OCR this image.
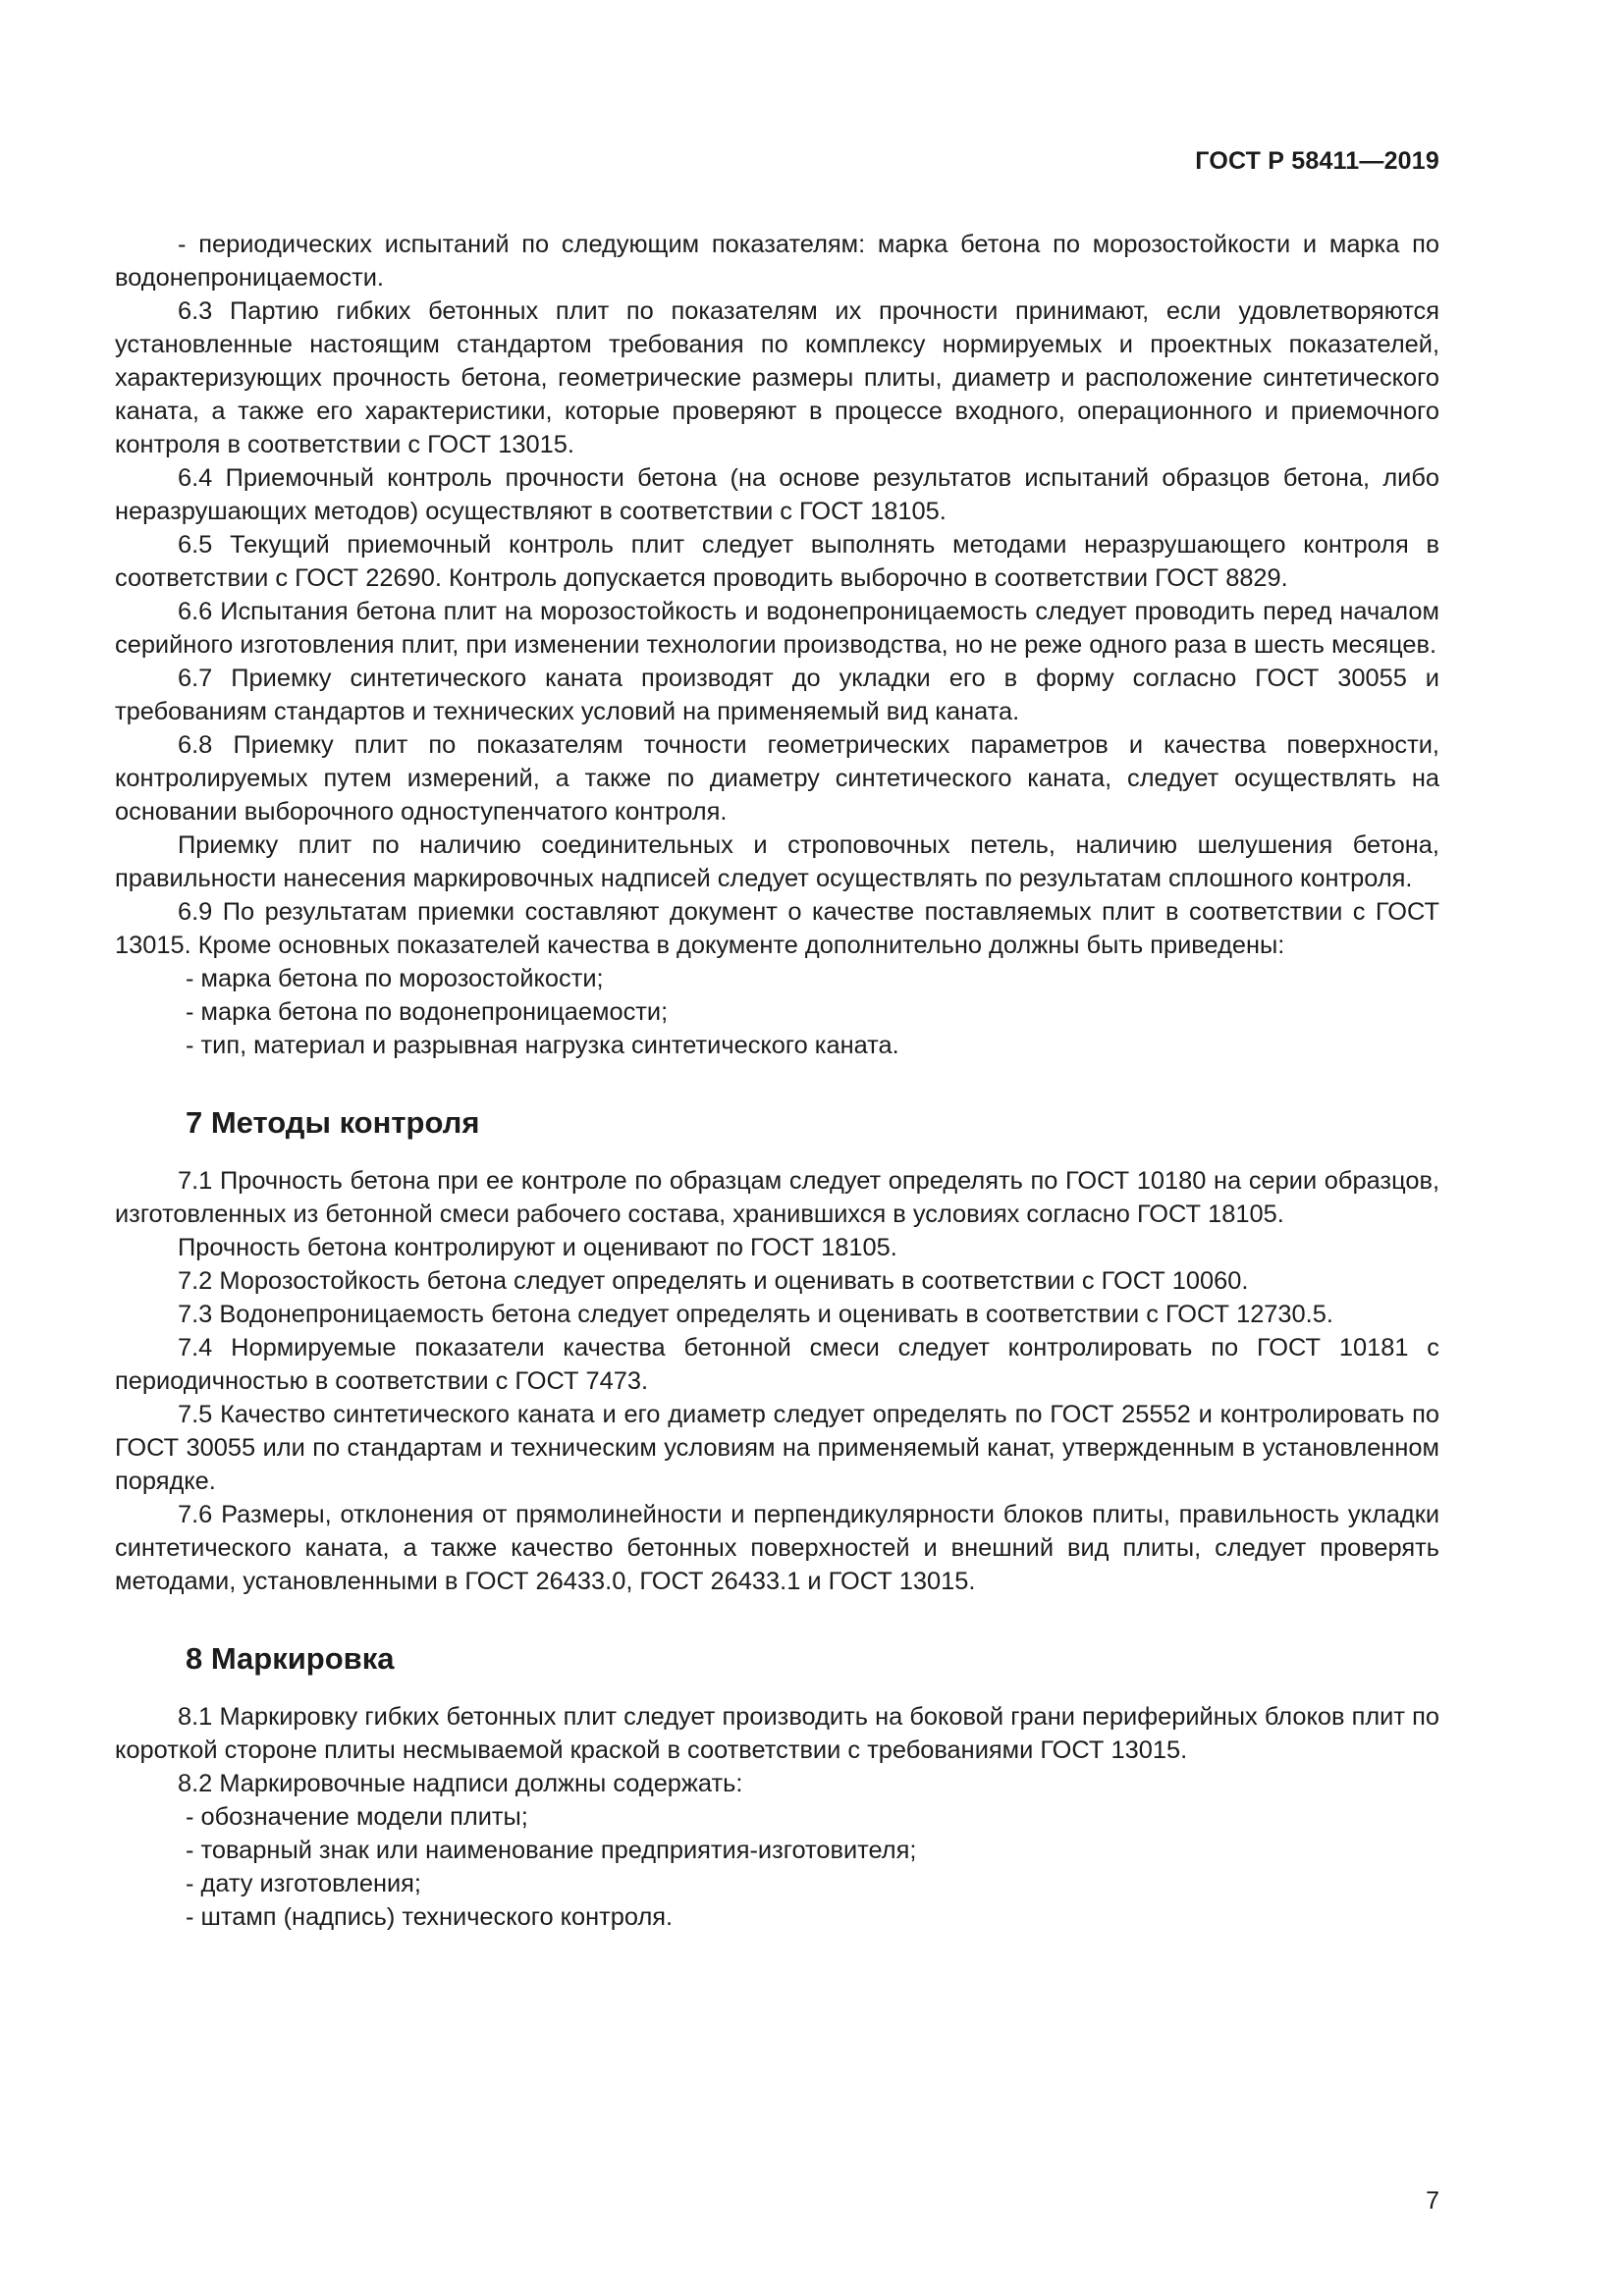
ГОСТ Р 58411—2019

- периодических испытаний по следующим показателям: марка бетона по морозостойкости и марка по водонепроницаемости.

6.3 Партию гибких бетонных плит по показателям их прочности принимают, если удовлетворяются установленные настоящим стандартом требования по комплексу нормируемых и проектных показателей, характеризующих прочность бетона, геометрические размеры плиты, диаметр и расположение синтетического каната, а также его характеристики, которые проверяют в процессе входного, операционного и приемочного контроля в соответствии с ГОСТ 13015.

6.4 Приемочный контроль прочности бетона (на основе результатов испытаний образцов бетона, либо неразрушающих методов) осуществляют в соответствии с ГОСТ 18105.

6.5 Текущий приемочный контроль плит следует выполнять методами неразрушающего контроля в соответствии с ГОСТ 22690. Контроль допускается проводить выборочно в соответствии ГОСТ 8829.

6.6 Испытания бетона плит на морозостойкость и водонепроницаемость следует проводить перед началом серийного изготовления плит, при изменении технологии производства, но не реже одного раза в шесть месяцев.

6.7 Приемку синтетического каната производят до укладки его в форму согласно ГОСТ 30055 и требованиям стандартов и технических условий на применяемый вид каната.

6.8 Приемку плит по показателям точности геометрических параметров и качества поверхности, контролируемых путем измерений, а также по диаметру синтетического каната, следует осуществлять на основании выборочного одноступенчатого контроля.

Приемку плит по наличию соединительных и строповочных петель, наличию шелушения бетона, правильности нанесения маркировочных надписей следует осуществлять по результатам сплошного контроля.

6.9 По результатам приемки составляют документ о качестве поставляемых плит в соответствии с ГОСТ 13015. Кроме основных показателей качества в документе дополнительно должны быть приведены:

- марка бетона по морозостойкости;

- марка бетона по водонепроницаемости;

- тип, материал и разрывная нагрузка синтетического каната.

7 Методы контроля

7.1 Прочность бетона при ее контроле по образцам следует определять по ГОСТ 10180 на серии образцов, изготовленных из бетонной смеси рабочего состава, хранившихся в условиях согласно ГОСТ 18105.

Прочность бетона контролируют и оценивают по ГОСТ 18105.

7.2 Морозостойкость бетона следует определять и оценивать в соответствии с ГОСТ 10060.

7.3 Водонепроницаемость бетона следует определять и оценивать в соответствии с ГОСТ 12730.5.

7.4 Нормируемые показатели качества бетонной смеси следует контролировать по ГОСТ 10181 с периодичностью в соответствии с ГОСТ 7473.

7.5 Качество синтетического каната и его диаметр следует определять по ГОСТ 25552 и контролировать по ГОСТ 30055 или по стандартам и техническим условиям на применяемый канат, утвержденным в установленном порядке.

7.6 Размеры, отклонения от прямолинейности и перпендикулярности блоков плиты, правильность укладки синтетического каната, а также качество бетонных поверхностей и внешний вид плиты, следует проверять методами, установленными в ГОСТ 26433.0, ГОСТ 26433.1 и ГОСТ 13015.

8 Маркировка

8.1 Маркировку гибких бетонных плит следует производить на боковой грани периферийных блоков плит по короткой стороне плиты несмываемой краской в соответствии с требованиями ГОСТ 13015.

8.2 Маркировочные надписи должны содержать:

- обозначение модели плиты;

- товарный знак или наименование предприятия-изготовителя;

- дату изготовления;

- штамп (надпись) технического контроля.

7
